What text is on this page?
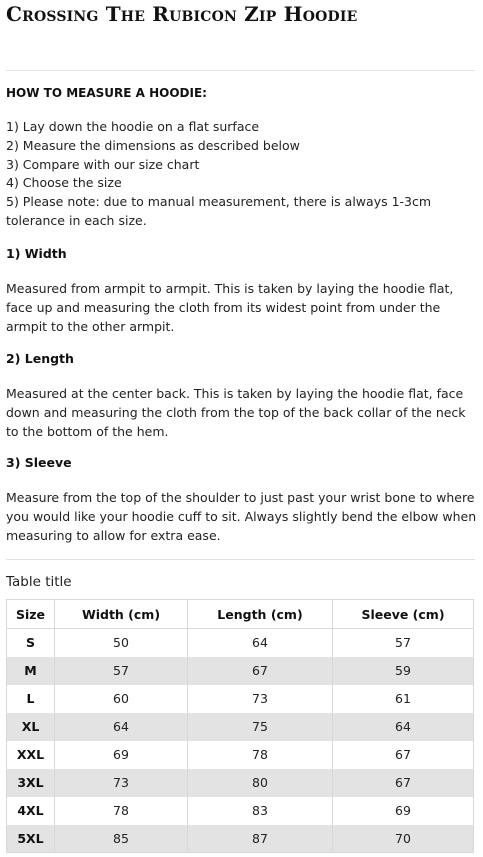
Crossing The Rubicon Zip Hoodie
HOW TO MEASURE A HOODIE:
1) Lay down the hoodie on a flat surface
2) Measure the dimensions as described below
3) Compare with our size chart
4) Choose the size
5) Please note: due to manual measurement, there is always 1-3cm tolerance in each size.
1) Width
Measured from armpit to armpit. This is taken by laying the hoodie flat, face up and measuring the cloth from its widest point from under the armpit to the other armpit.
2) Length
Measured at the center back. This is taken by laying the hoodie flat, face down and measuring the cloth from the top of the back collar of the neck to the bottom of the hem.
3) Sleeve
Measure from the top of the shoulder to just past your wrist bone to where you would like your hoodie cuff to sit. Always slightly bend the elbow when measuring to allow for extra ease.
Table title
Size	Width (cm)	Length (cm)	Sleeve (cm)
S	50	64	57
M	57	67	59
L	60	73	61
XL	64	75	64
XXL	69	78	67
3XL	73	80	67
4XL	78	83	69
5XL	85	87	70
